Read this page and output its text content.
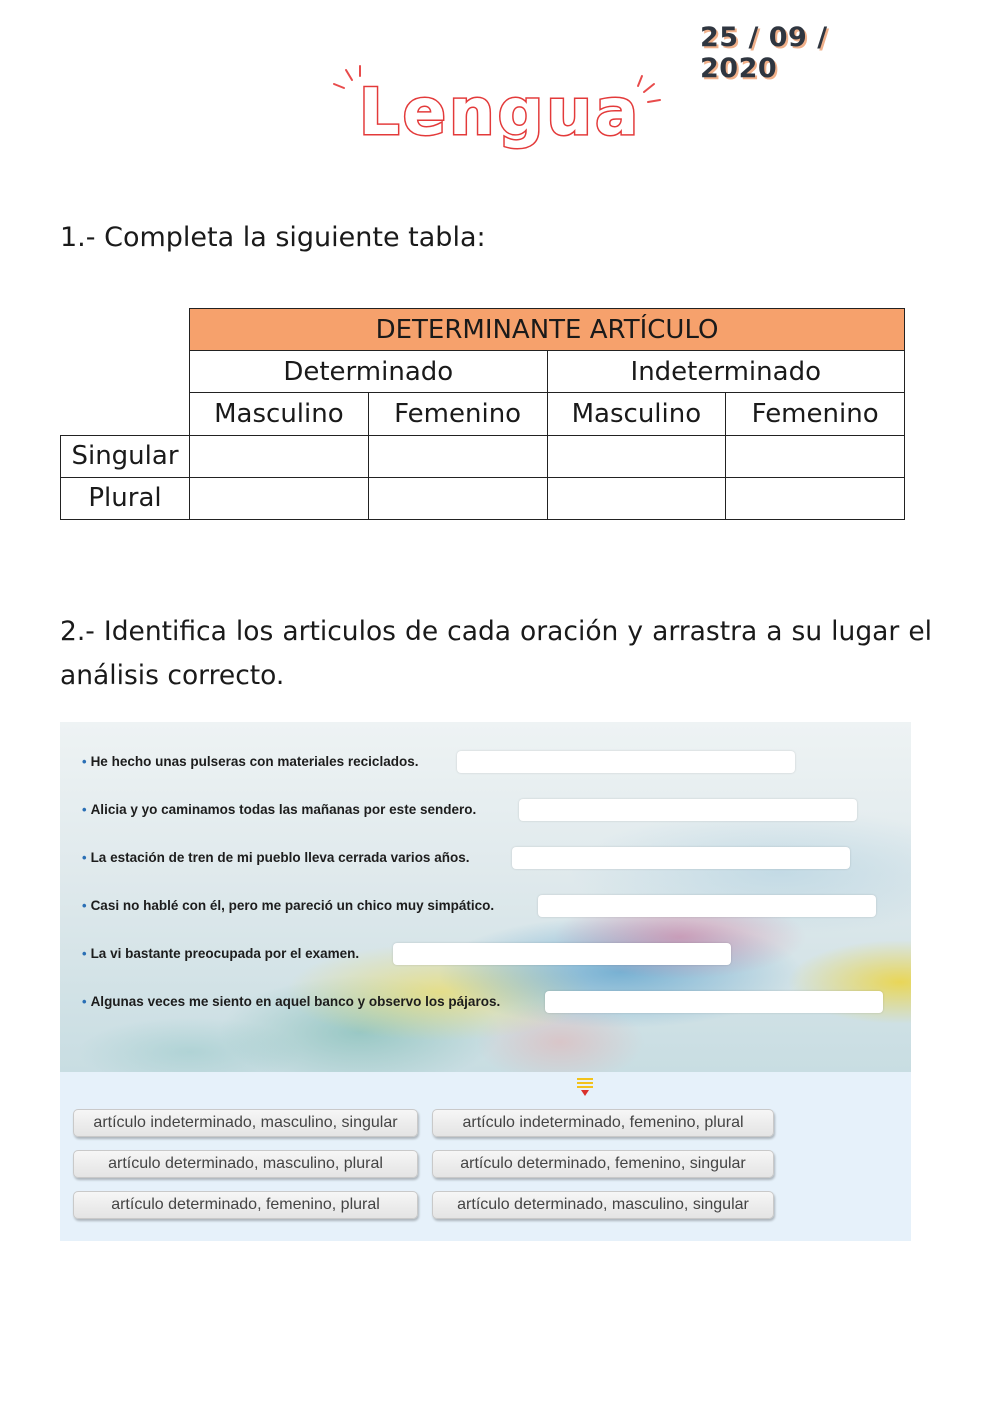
25 / 09 / 2020
Lengua
1.- Completa la siguiente tabla:
	DETERMINANTE ARTÍCULO			
	Determinado		Indeterminado	
	Masculino	Femenino	Masculino	Femenino
Singular				
Plural				
2.- Identifica los articulos de cada oración y arrastra a su lugar el análisis correcto.
• He hecho unas pulseras con materiales reciclados.
• Alicia y yo caminamos todas las mañanas por este sendero.
• La estación de tren de mi pueblo lleva cerrada varios años.
• Casi no hablé con él, pero me pareció un chico muy simpático.
• La vi bastante preocupada por el examen.
• Algunas veces me siento en aquel banco y observo los pájaros.
artículo indeterminado, masculino, singular	artículo indeterminado, femenino, plural
artículo determinado, masculino, plural	artículo determinado, femenino, singular
artículo determinado, femenino, plural	artículo determinado, masculino, singular
